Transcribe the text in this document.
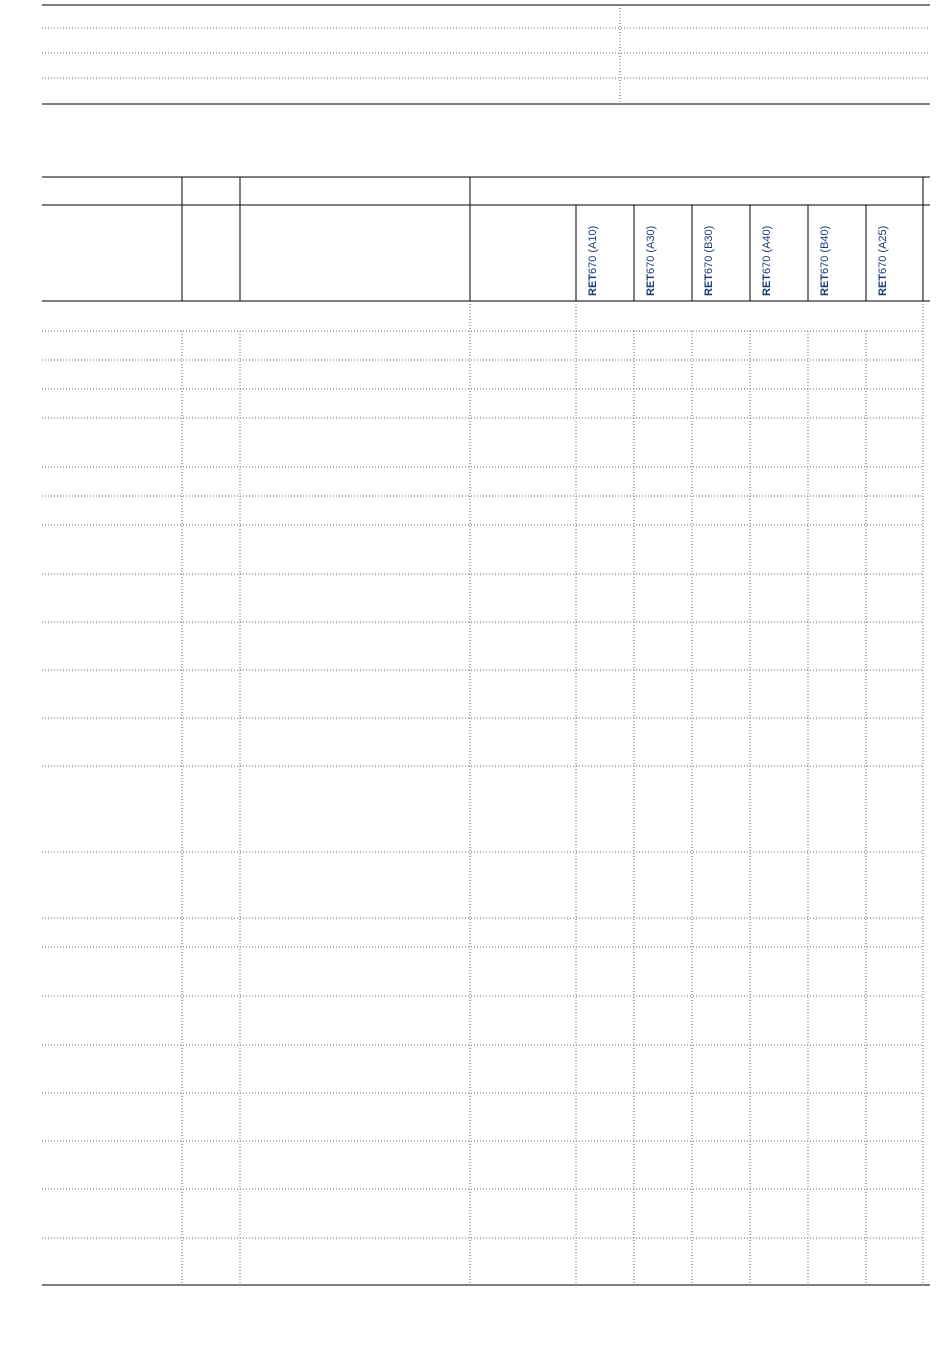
RET670 (A10)
RET670 (A30)
RET670 (B30)
RET670 (A40)
RET670 (B40)
RET670 (A25)
